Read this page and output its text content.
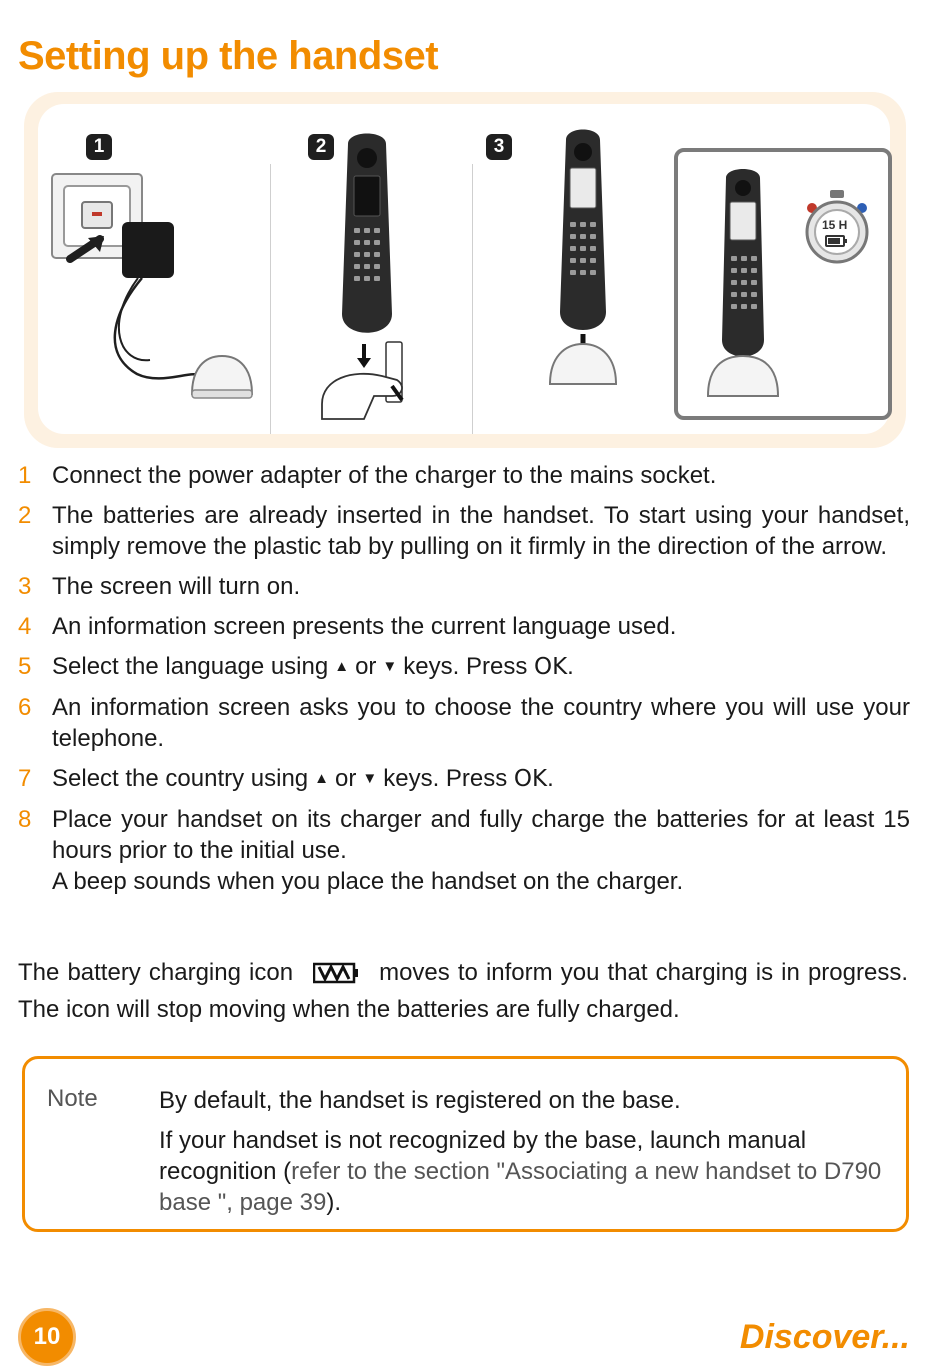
Setting up the handset
1	2	3
15 H
1 Connect the power adapter of the charger to the mains socket.
2 The batteries are already inserted in the handset. To start using your handset, simply remove the plastic tab by pulling on it firmly in the direction of the arrow.
3 The screen will turn on.
4 An information screen presents the current language used.
5 Select the language using ▲ or ▼ keys. Press OK.
6 An information screen asks you to choose the country where you will use your telephone.
7 Select the country using ▲ or ▼ keys. Press OK.
8 Place your handset on its charger and fully charge the batteries for at least 15 hours prior to the initial use.
A beep sounds when you place the handset on the charger.
The battery charging icon	moves to inform you that charging is in progress. The icon will stop moving when the batteries are fully charged.
Note	By default, the handset is registered on the base.

If your handset is not recognized by the base, launch manual recognition (refer to the section "Associating a new handset to D790 base ", page 39).

10	Discover...
